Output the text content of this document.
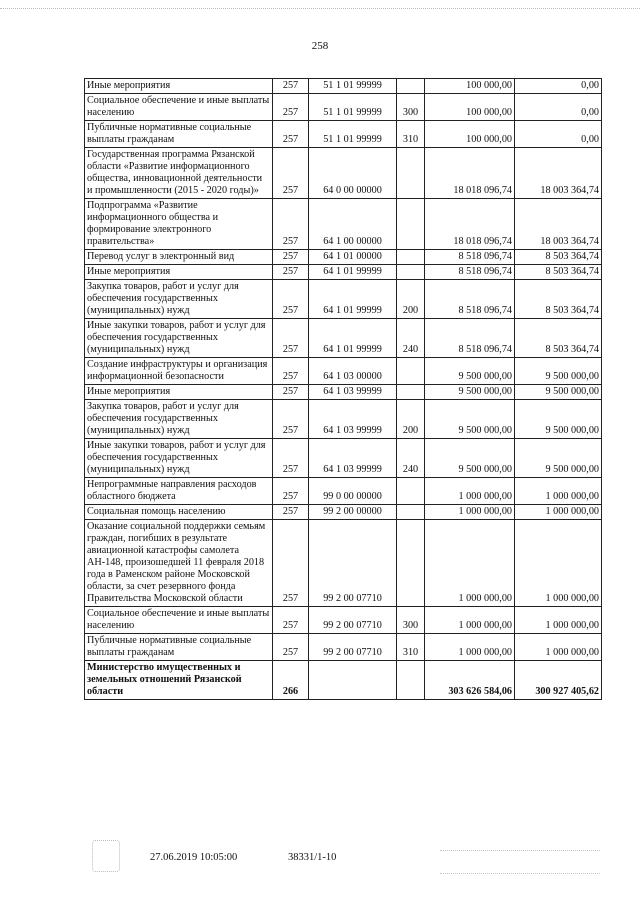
258
Иные мероприятия	257	51 1 01 99999		100 000,00	0,00
Социальное обеспечение и иные выплаты населению	257	51 1 01 99999	300	100 000,00	0,00
Публичные нормативные социальные выплаты гражданам	257	51 1 01 99999	310	100 000,00	0,00
Государственная программа Рязанской области «Развитие информационного общества, инновационной деятельности и промышленности (2015 - 2020 годы)»	257	64 0 00 00000		18 018 096,74	18 003 364,74
Подпрограмма «Развитие информационного общества и формирование электронного правительства»	257	64 1 00 00000		18 018 096,74	18 003 364,74
Перевод услуг в электронный вид	257	64 1 01 00000		8 518 096,74	8 503 364,74
Иные мероприятия	257	64 1 01 99999		8 518 096,74	8 503 364,74
Закупка товаров, работ и услуг для обеспечения государственных (муниципальных) нужд	257	64 1 01 99999	200	8 518 096,74	8 503 364,74
Иные закупки товаров, работ и услуг для обеспечения государственных (муниципальных) нужд	257	64 1 01 99999	240	8 518 096,74	8 503 364,74
Создание инфраструктуры и организация информационной безопасности	257	64 1 03 00000		9 500 000,00	9 500 000,00
Иные мероприятия	257	64 1 03 99999		9 500 000,00	9 500 000,00
Закупка товаров, работ и услуг для обеспечения государственных (муниципальных) нужд	257	64 1 03 99999	200	9 500 000,00	9 500 000,00
Иные закупки товаров, работ и услуг для обеспечения государственных (муниципальных) нужд	257	64 1 03 99999	240	9 500 000,00	9 500 000,00
Непрограммные направления расходов областного бюджета	257	99 0 00 00000		1 000 000,00	1 000 000,00
Социальная помощь населению	257	99 2 00 00000		1 000 000,00	1 000 000,00
Оказание социальной поддержки семьям граждан, погибших в результате авиационной катастрофы самолета АН-148, произошедшей 11 февраля 2018 года в Раменском районе Московской области, за счет резервного фонда Правительства Московской области	257	99 2 00 07710		1 000 000,00	1 000 000,00
Социальное обеспечение и иные выплаты населению	257	99 2 00 07710	300	1 000 000,00	1 000 000,00
Публичные нормативные социальные выплаты гражданам	257	99 2 00 07710	310	1 000 000,00	1 000 000,00
Министерство имущественных и земельных отношений Рязанской области	266			303 626 584,06	300 927 405,62
27.06.2019 10:05:00	38331/1-10
